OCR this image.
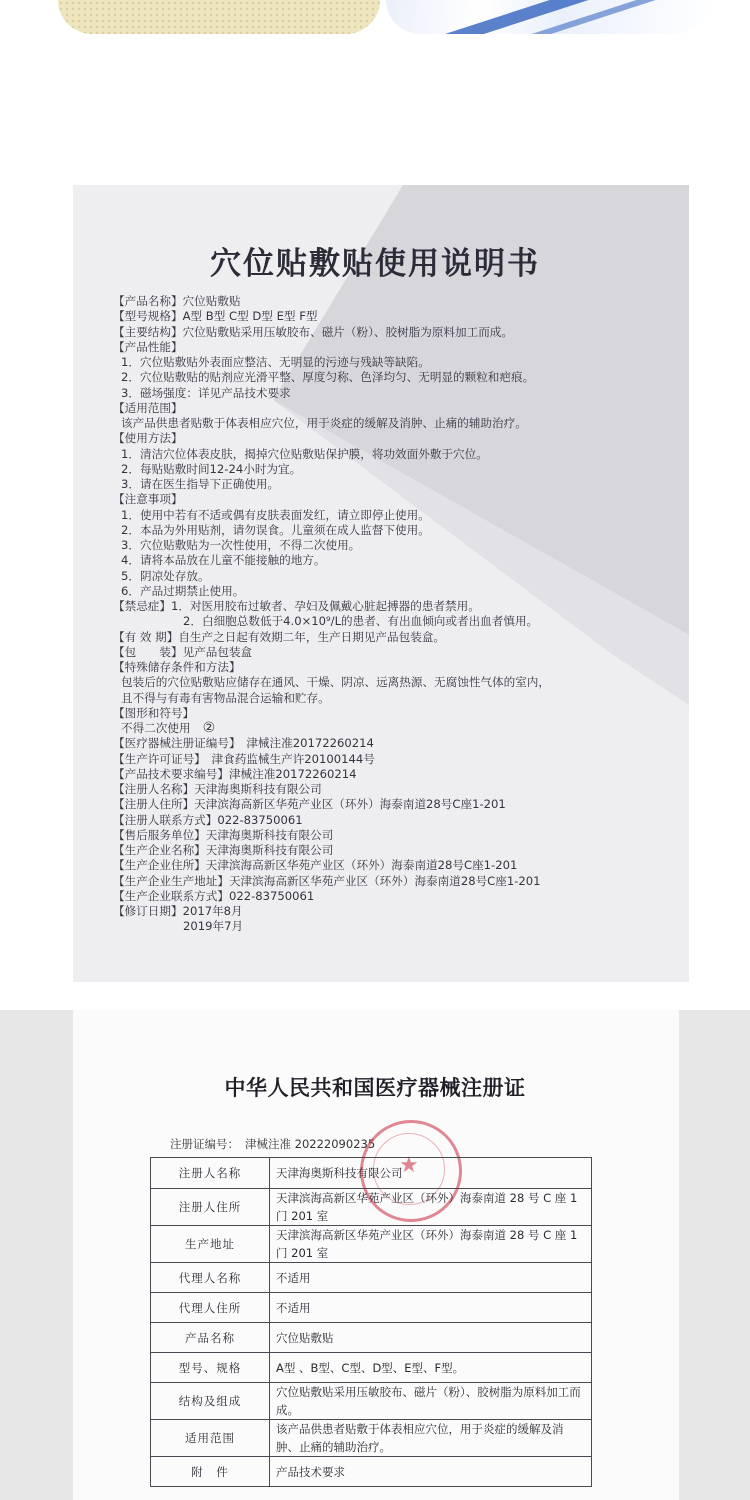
穴位贴敷贴使用说明书
【产品名称】穴位贴敷贴
【型号规格】A型 B型 C型 D型 E型 F型
【主要结构】穴位贴敷贴采用压敏胶布、磁片（粉）、胶树脂为原料加工而成。
【产品性能】
1．穴位贴敷贴外表面应整洁、无明显的污迹与残缺等缺陷。
2．穴位贴敷贴的贴剂应光滑平整、厚度匀称、色泽均匀、无明显的颗粒和疤痕。
3．磁场强度：详见产品技术要求
【适用范围】
该产品供患者贴敷于体表相应穴位，用于炎症的缓解及消肿、止痛的辅助治疗。
【使用方法】
1．清洁穴位体表皮肤，揭掉穴位贴敷贴保护膜，将功效面外敷于穴位。
2．每贴贴敷时间12-24小时为宜。
3．请在医生指导下正确使用。
【注意事项】
1．使用中若有不适或偶有皮肤表面发红，请立即停止使用。
2．本品为外用贴剂，请勿误食。儿童须在成人监督下使用。
3．穴位贴敷贴为一次性使用，不得二次使用。
4．请将本品放在儿童不能接触的地方。
5．阴凉处存放。
6．产品过期禁止使用。
【禁忌症】1．对医用胶布过敏者、孕妇及佩戴心脏起搏器的患者禁用。
2．白细胞总数低于4.0×10⁹/L的患者、有出血倾向或者出血者慎用。
【有 效 期】自生产之日起有效期二年，生产日期见产品包装盒。
【包　　装】见产品包装盒
【特殊储存条件和方法】
包装后的穴位贴敷贴应储存在通风、干燥、阴凉、远离热源、无腐蚀性气体的室内，
且不得与有毒有害物品混合运输和贮存。
【图形和符号】
不得二次使用 ②
【医疗器械注册证编号】　津械注准20172260214
【生产许可证号】　津食药监械生产许20100144号
【产品技术要求编号】津械注准20172260214
【注册人名称】天津海奥斯科技有限公司
【注册人住所】天津滨海高新区华苑产业区（环外）海泰南道28号C座1-201
【注册人联系方式】022-83750061
【售后服务单位】天津海奥斯科技有限公司
【生产企业名称】天津海奥斯科技有限公司
【生产企业住所】天津滨海高新区华苑产业区（环外）海泰南道28号C座1-201
【生产企业生产地址】天津滨海高新区华苑产业区（环外）海泰南道28号C座1-201
【生产企业联系方式】022-83750061
【修订日期】2017年8月
2019年7月
中华人民共和国医疗器械注册证
注册证编号： 津械注准 20222090235
★
注册人名称	天津海奥斯科技有限公司
注册人住所	天津滨海高新区华苑产业区（环外）海泰南道 28 号 C 座 1 门 201 室
生产地址	天津滨海高新区华苑产业区（环外）海泰南道 28 号 C 座 1 门 201 室
代理人名称	不适用
代理人住所	不适用
产品名称	穴位贴敷贴
型号、规格	A型 、B型、C型、D型、E型、F型。
结构及组成	穴位贴敷贴采用压敏胶布、磁片（粉）、胶树脂为原料加工而成。
适用范围	该产品供患者贴敷于体表相应穴位，用于炎症的缓解及消肿、止痛的辅助治疗。
附　件	产品技术要求
